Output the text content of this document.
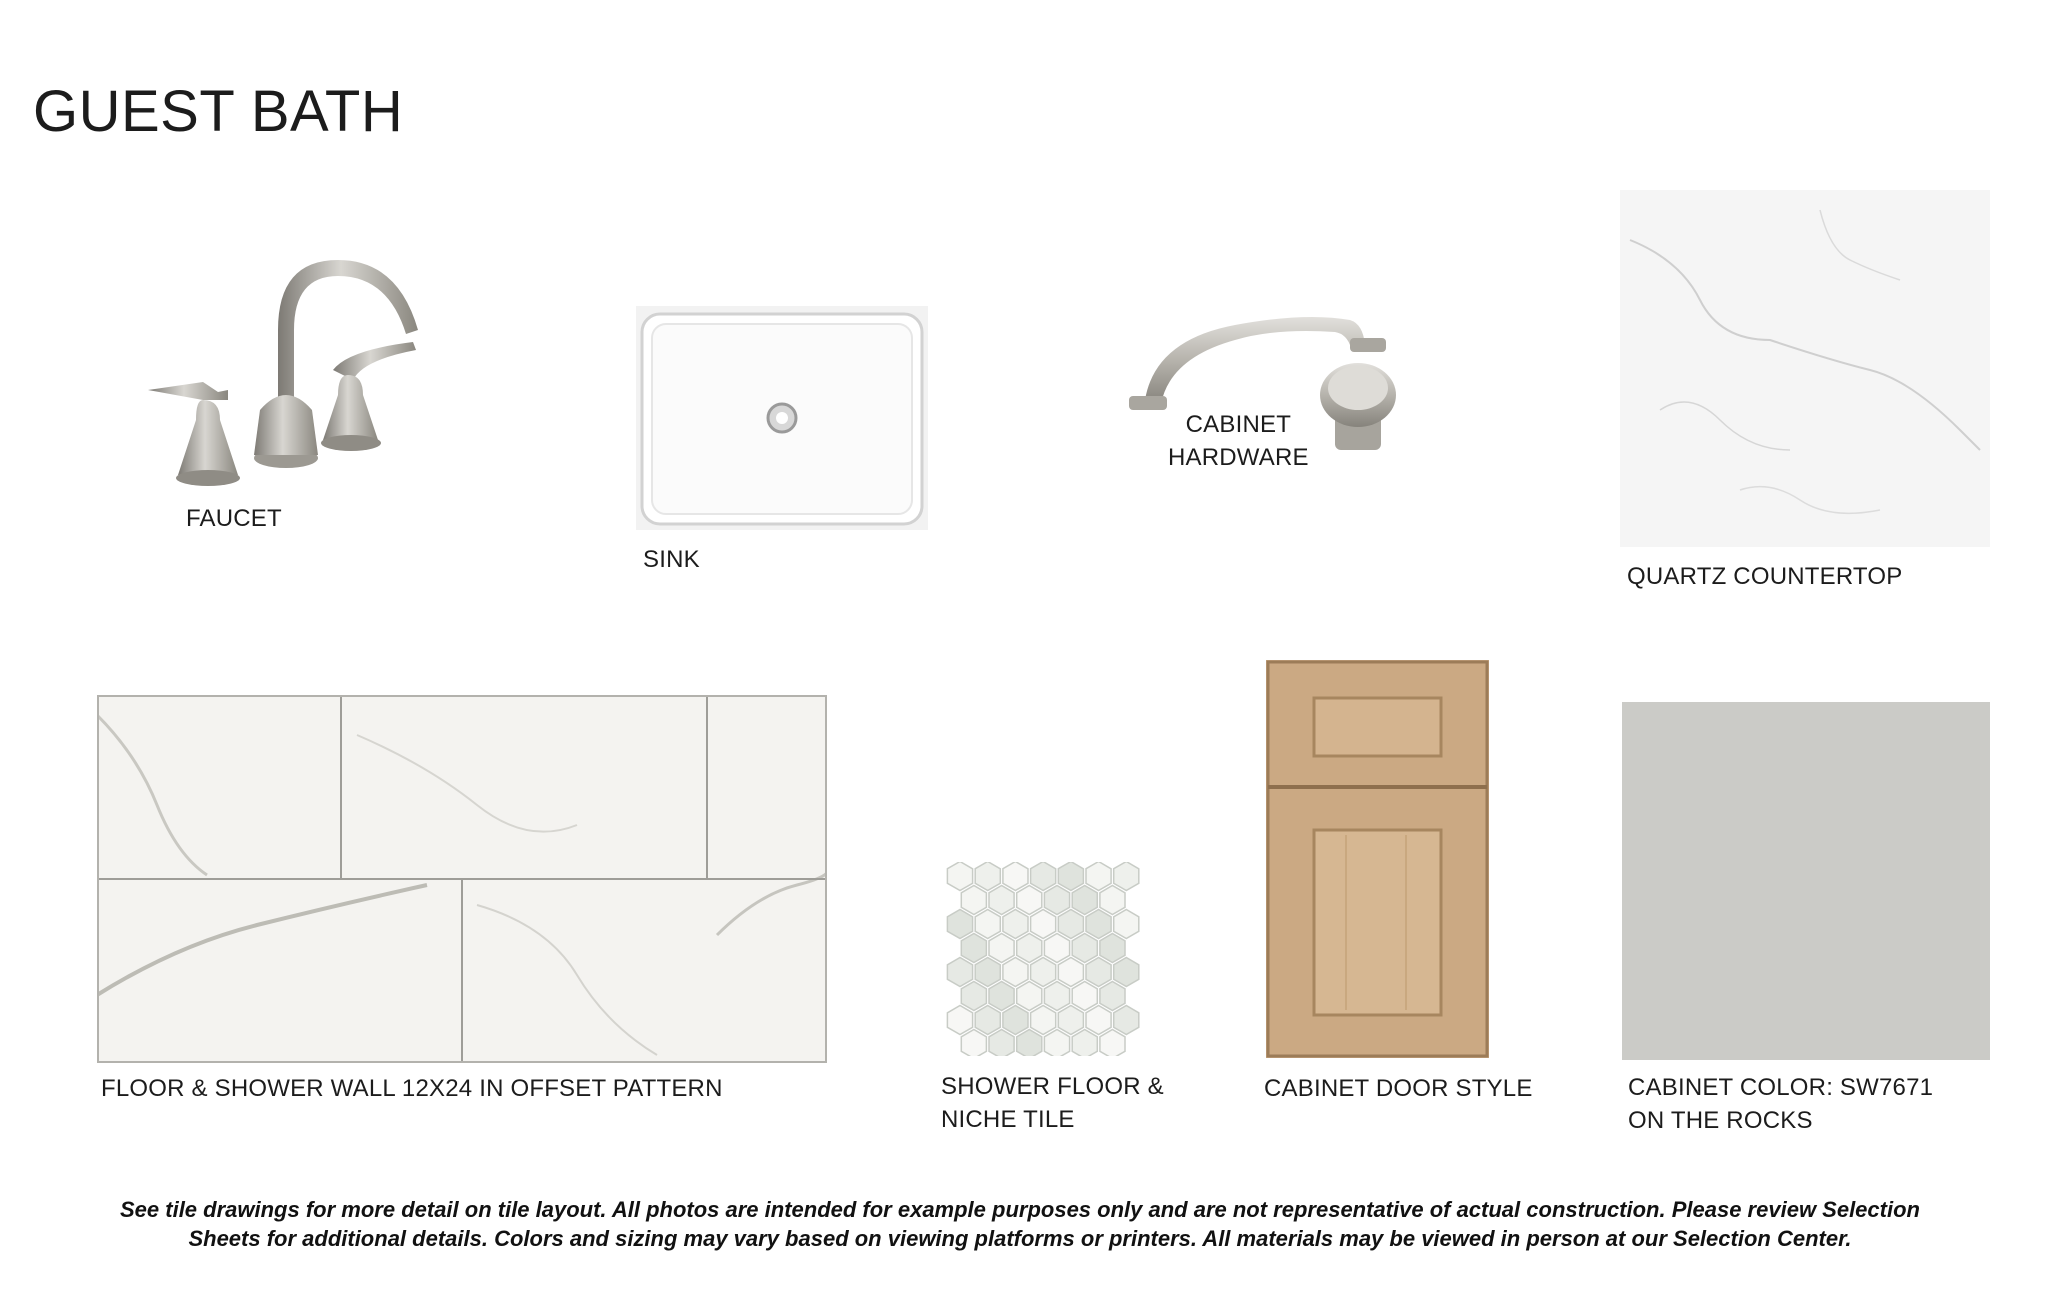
GUEST BATH
FAUCET
SINK
CABINET
HARDWARE
QUARTZ COUNTERTOP
FLOOR & SHOWER WALL 12X24 IN OFFSET PATTERN	SHOWER FLOOR &
NICHE TILE
CABINET DOOR STYLE	CABINET COLOR: SW7671
ON THE ROCKS
See tile drawings for more detail on tile layout. All photos are intended for example purposes only and are not representative of actual construction. Please review Selection Sheets for additional details. Colors and sizing may vary based on viewing platforms or printers. All materials may be viewed in person at our Selection Center.
